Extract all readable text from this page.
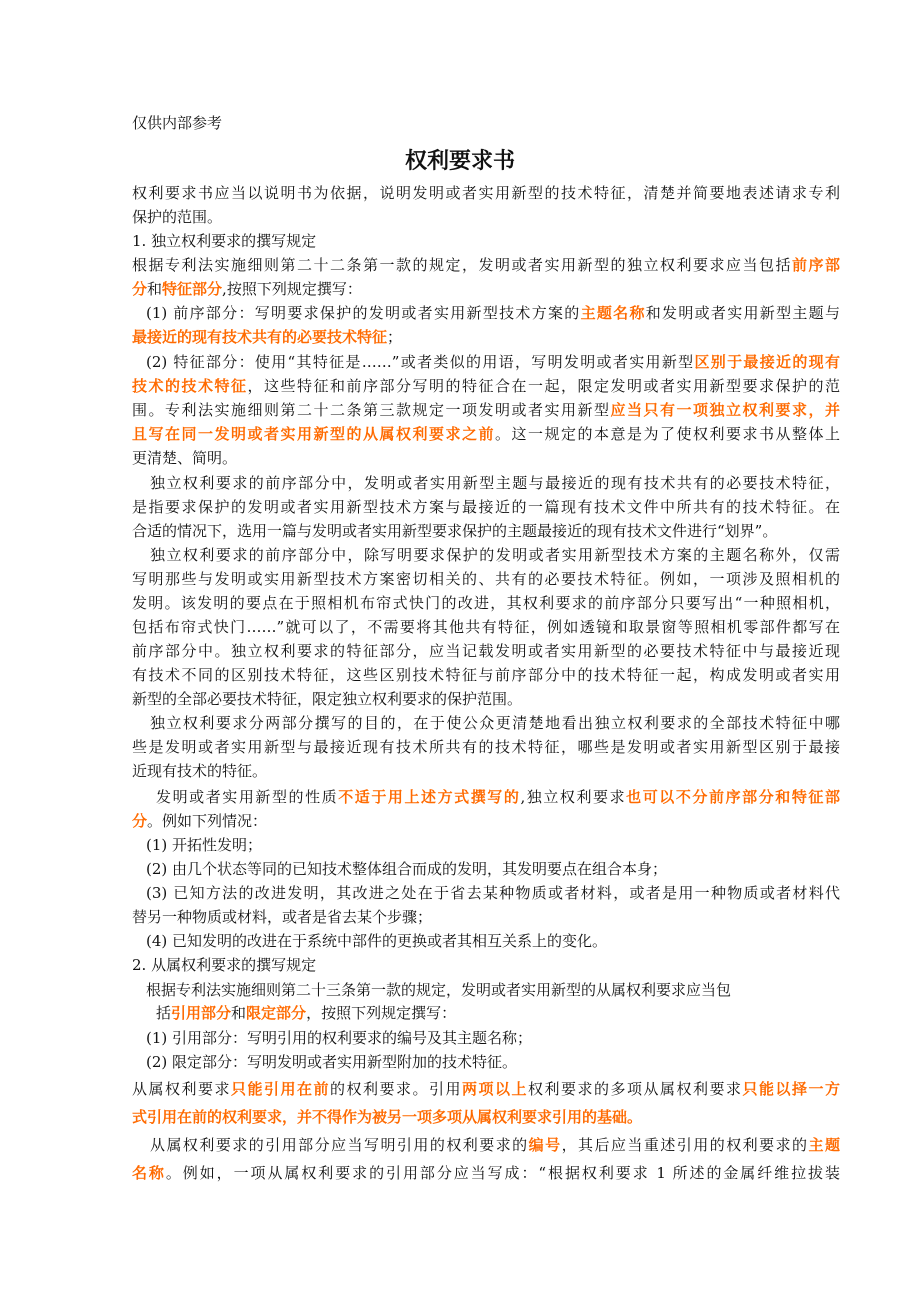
仅供内部参考
权利要求书
权利要求书应当以说明书为依据，说明发明或者实用新型的技术特征，清楚并简要地表述请求专利
保护的范围。
1. 独立权利要求的撰写规定
根据专利法实施细则第二十二条第一款的规定，发明或者实用新型的独立权利要求应当包括前序部
分和特征部分,按照下列规定撰写：
(1) 前序部分：写明要求保护的发明或者实用新型技术方案的主题名称和发明或者实用新型主题与
最接近的现有技术共有的必要技术特征；
(2) 特征部分：使用“其特征是……”或者类似的用语，写明发明或者实用新型区别于最接近的现有
技术的技术特征，这些特征和前序部分写明的特征合在一起，限定发明或者实用新型要求保护的范
围。专利法实施细则第二十二条第三款规定一项发明或者实用新型应当只有一项独立权利要求，并
且写在同一发明或者实用新型的从属权利要求之前。这一规定的本意是为了使权利要求书从整体上
更清楚、简明。
独立权利要求的前序部分中，发明或者实用新型主题与最接近的现有技术共有的必要技术特征，
是指要求保护的发明或者实用新型技术方案与最接近的一篇现有技术文件中所共有的技术特征。在
合适的情况下，选用一篇与发明或者实用新型要求保护的主题最接近的现有技术文件进行“划界”。
独立权利要求的前序部分中，除写明要求保护的发明或者实用新型技术方案的主题名称外，仅需
写明那些与发明或实用新型技术方案密切相关的、共有的必要技术特征。例如，一项涉及照相机的
发明。该发明的要点在于照相机布帘式快门的改进，其权利要求的前序部分只要写出“一种照相机，
包括布帘式快门……”就可以了，不需要将其他共有特征，例如透镜和取景窗等照相机零部件都写在
前序部分中。独立权利要求的特征部分，应当记载发明或者实用新型的必要技术特征中与最接近现
有技术不同的区别技术特征，这些区别技术特征与前序部分中的技术特征一起，构成发明或者实用
新型的全部必要技术特征，限定独立权利要求的保护范围。
独立权利要求分两部分撰写的目的，在于使公众更清楚地看出独立权利要求的全部技术特征中哪
些是发明或者实用新型与最接近现有技术所共有的技术特征，哪些是发明或者实用新型区别于最接
近现有技术的特征。
发明或者实用新型的性质不适于用上述方式撰写的,独立权利要求也可以不分前序部分和特征部
分。例如下列情况：
(1) 开拓性发明；
(2) 由几个状态等同的已知技术整体组合而成的发明，其发明要点在组合本身；
(3) 已知方法的改进发明，其改进之处在于省去某种物质或者材料，或者是用一种物质或者材料代
替另一种物质或材料，或者是省去某个步骤；
(4) 已知发明的改进在于系统中部件的更换或者其相互关系上的变化。
2. 从属权利要求的撰写规定
根据专利法实施细则第二十三条第一款的规定，发明或者实用新型的从属权利要求应当包
括引用部分和限定部分，按照下列规定撰写：
(1) 引用部分：写明引用的权利要求的编号及其主题名称；
(2) 限定部分：写明发明或者实用新型附加的技术特征。
从属权利要求只能引用在前的权利要求。引用两项以上权利要求的多项从属权利要求只能以择一方
式引用在前的权利要求，并不得作为被另一项多项从属权利要求引用的基础。
从属权利要求的引用部分应当写明引用的权利要求的编号，其后应当重述引用的权利要求的主题
名称。例如，一项从属权利要求的引用部分应当写成：“根据权利要求 1 所述的金属纤维拉拔装
